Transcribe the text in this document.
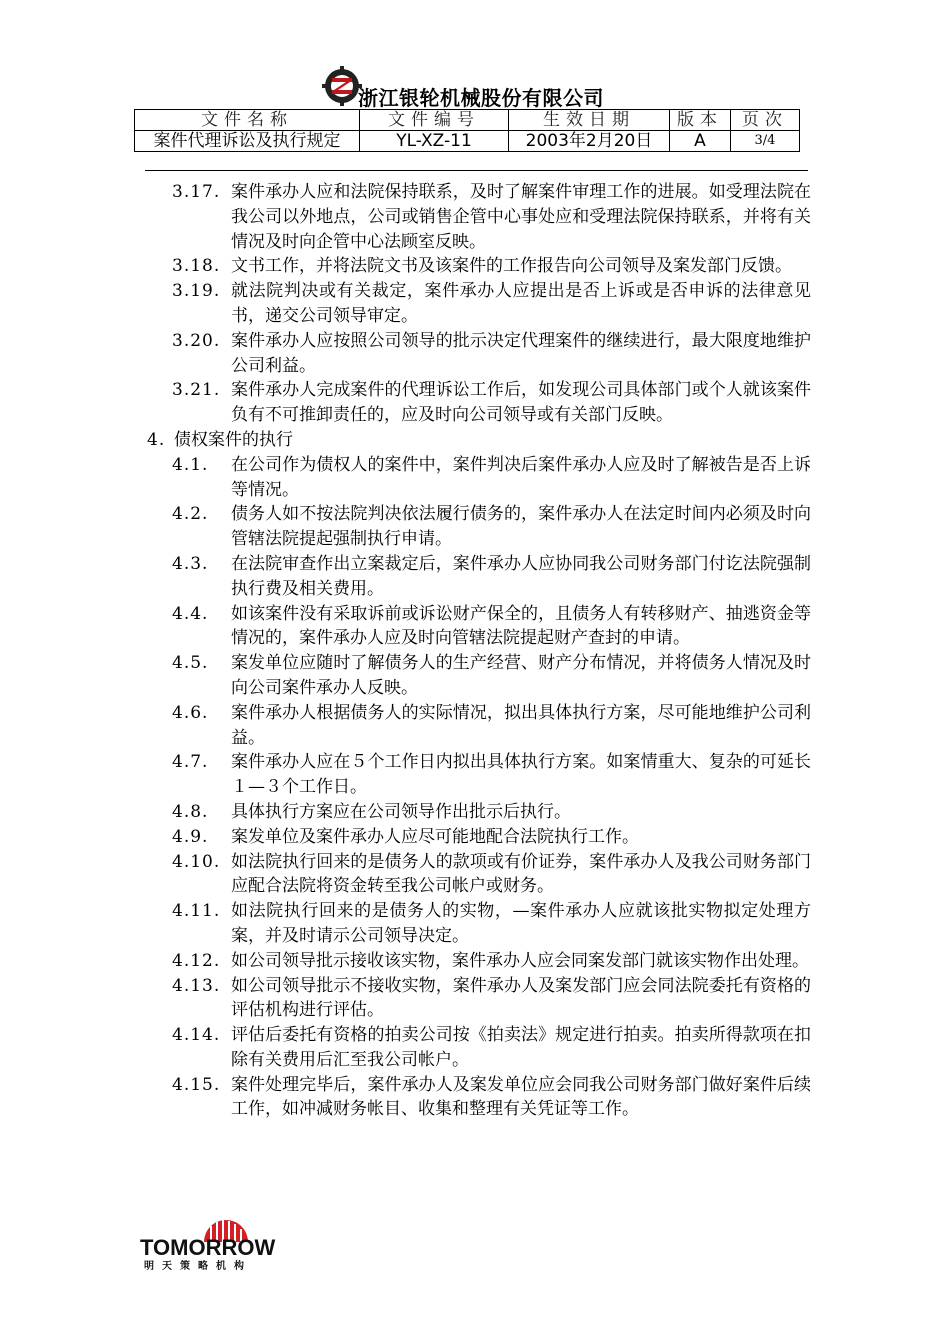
浙江银轮机械股份有限公司
文件名称	文件编号	生效日期	版本	页次
案件代理诉讼及执行规定	YL-XZ-11	2003年2月20日	A	3/4
3.17. 案件承办人应和法院保持联系，及时了解案件审理工作的进展。如受理法院在我公司以外地点，公司或销售企管中心事处应和受理法院保持联系，并将有关情况及时向企管中心法顾室反映。
3.18. 文书工作，并将法院文书及该案件的工作报告向公司领导及案发部门反馈。
3.19. 就法院判决或有关裁定，案件承办人应提出是否上诉或是否申诉的法律意见书，递交公司领导审定。
3.20. 案件承办人应按照公司领导的批示决定代理案件的继续进行，最大限度地维护公司利益。
3.21. 案件承办人完成案件的代理诉讼工作后，如发现公司具体部门或个人就该案件负有不可推卸责任的，应及时向公司领导或有关部门反映。
4. 债权案件的执行
4.1. 在公司作为债权人的案件中，案件判决后案件承办人应及时了解被告是否上诉等情况。
4.2. 债务人如不按法院判决依法履行债务的，案件承办人在法定时间内必须及时向管辖法院提起强制执行申请。
4.3. 在法院审查作出立案裁定后，案件承办人应协同我公司财务部门付讫法院强制执行费及相关费用。
4.4. 如该案件没有采取诉前或诉讼财产保全的，且债务人有转移财产、抽逃资金等情况的，案件承办人应及时向管辖法院提起财产查封的申请。
4.5. 案发单位应随时了解债务人的生产经营、财产分布情况，并将债务人情况及时向公司案件承办人反映。
4.6. 案件承办人根据债务人的实际情况，拟出具体执行方案，尽可能地维护公司利益。
4.7. 案件承办人应在５个工作日内拟出具体执行方案。如案情重大、复杂的可延长１—３个工作日。
4.8. 具体执行方案应在公司领导作出批示后执行。
4.9. 案发单位及案件承办人应尽可能地配合法院执行工作。
4.10. 如法院执行回来的是债务人的款项或有价证券，案件承办人及我公司财务部门应配合法院将资金转至我公司帐户或财务。
4.11. 如法院执行回来的是债务人的实物，—案件承办人应就该批实物拟定处理方案，并及时请示公司领导决定。
4.12. 如公司领导批示接收该实物，案件承办人应会同案发部门就该实物作出处理。
4.13. 如公司领导批示不接收实物，案件承办人及案发部门应会同法院委托有资格的评估机构进行评估。
4.14. 评估后委托有资格的拍卖公司按《拍卖法》规定进行拍卖。拍卖所得款项在扣除有关费用后汇至我公司帐户。
4.15. 案件处理完毕后，案件承办人及案发单位应会同我公司财务部门做好案件后续工作，如冲减财务帐目、收集和整理有关凭证等工作。
TOMORROW
明天策略机构
